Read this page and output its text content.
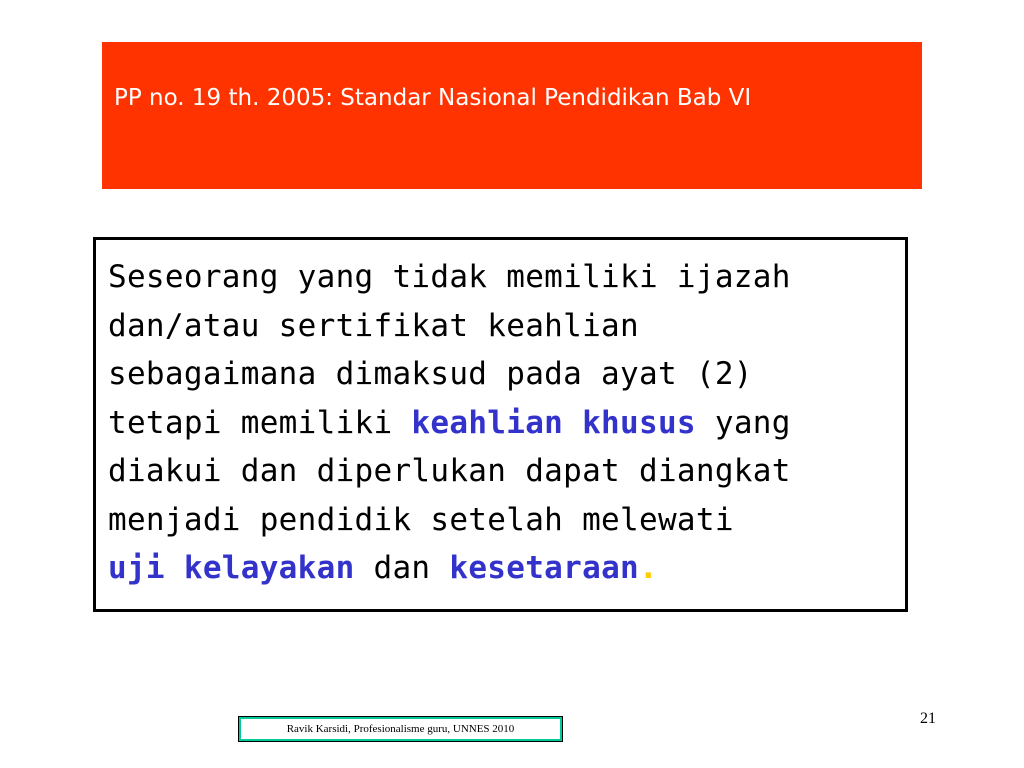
PP no. 19 th. 2005: Standar Nasional Pendidikan Bab VI
Seseorang yang tidak memiliki ijazah
dan/atau sertifikat keahlian
sebagaimana dimaksud pada ayat (2)
tetapi memiliki keahlian khusus yang
diakui dan diperlukan dapat diangkat
menjadi pendidik setelah melewati
uji kelayakan dan kesetaraan.
21
Ravik Karsidi, Profesionalisme guru, UNNES 2010
